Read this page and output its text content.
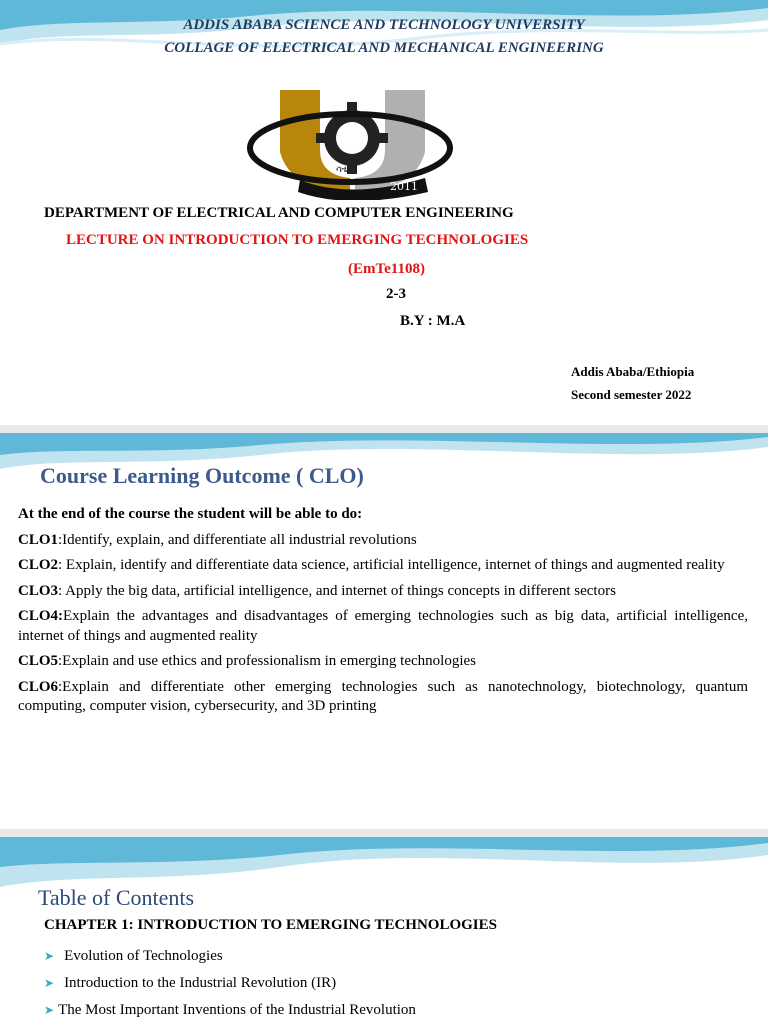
ADDIS ABABA SCIENCE AND TECHNOLOGY UNIVERSITY
COLLAGE OF ELECTRICAL AND MECHANICAL ENGINEERING
2011
ሳቴ
DEPARTMENT OF ELECTRICAL AND COMPUTER ENGINEERING
LECTURE ON INTRODUCTION TO EMERGING TECHNOLOGIES
(EmTe1108)
2-3
B.Y : M.A
Addis Ababa/Ethiopia
Second semester 2022
Course Learning Outcome ( CLO)
At the end of the course the student will be able to do:
CLO1:Identify, explain, and differentiate all industrial revolutions
CLO2: Explain, identify and differentiate data science, artificial intelligence, internet of things and augmented reality
CLO3: Apply the big data, artificial intelligence, and internet of things concepts in different sectors
CLO4:Explain the advantages and disadvantages of emerging technologies such as big data, artificial intelligence, internet of things and augmented reality
CLO5:Explain and use ethics and professionalism in emerging technologies
CLO6:Explain and differentiate other emerging technologies such as nanotechnology, biotechnology, quantum computing, computer vision, cybersecurity, and 3D printing
Table of Contents
CHAPTER 1: INTRODUCTION TO EMERGING TECHNOLOGIES
➤ Evolution of Technologies
➤ Introduction to the Industrial Revolution (IR)
➤ The Most Important Inventions of the Industrial Revolution
